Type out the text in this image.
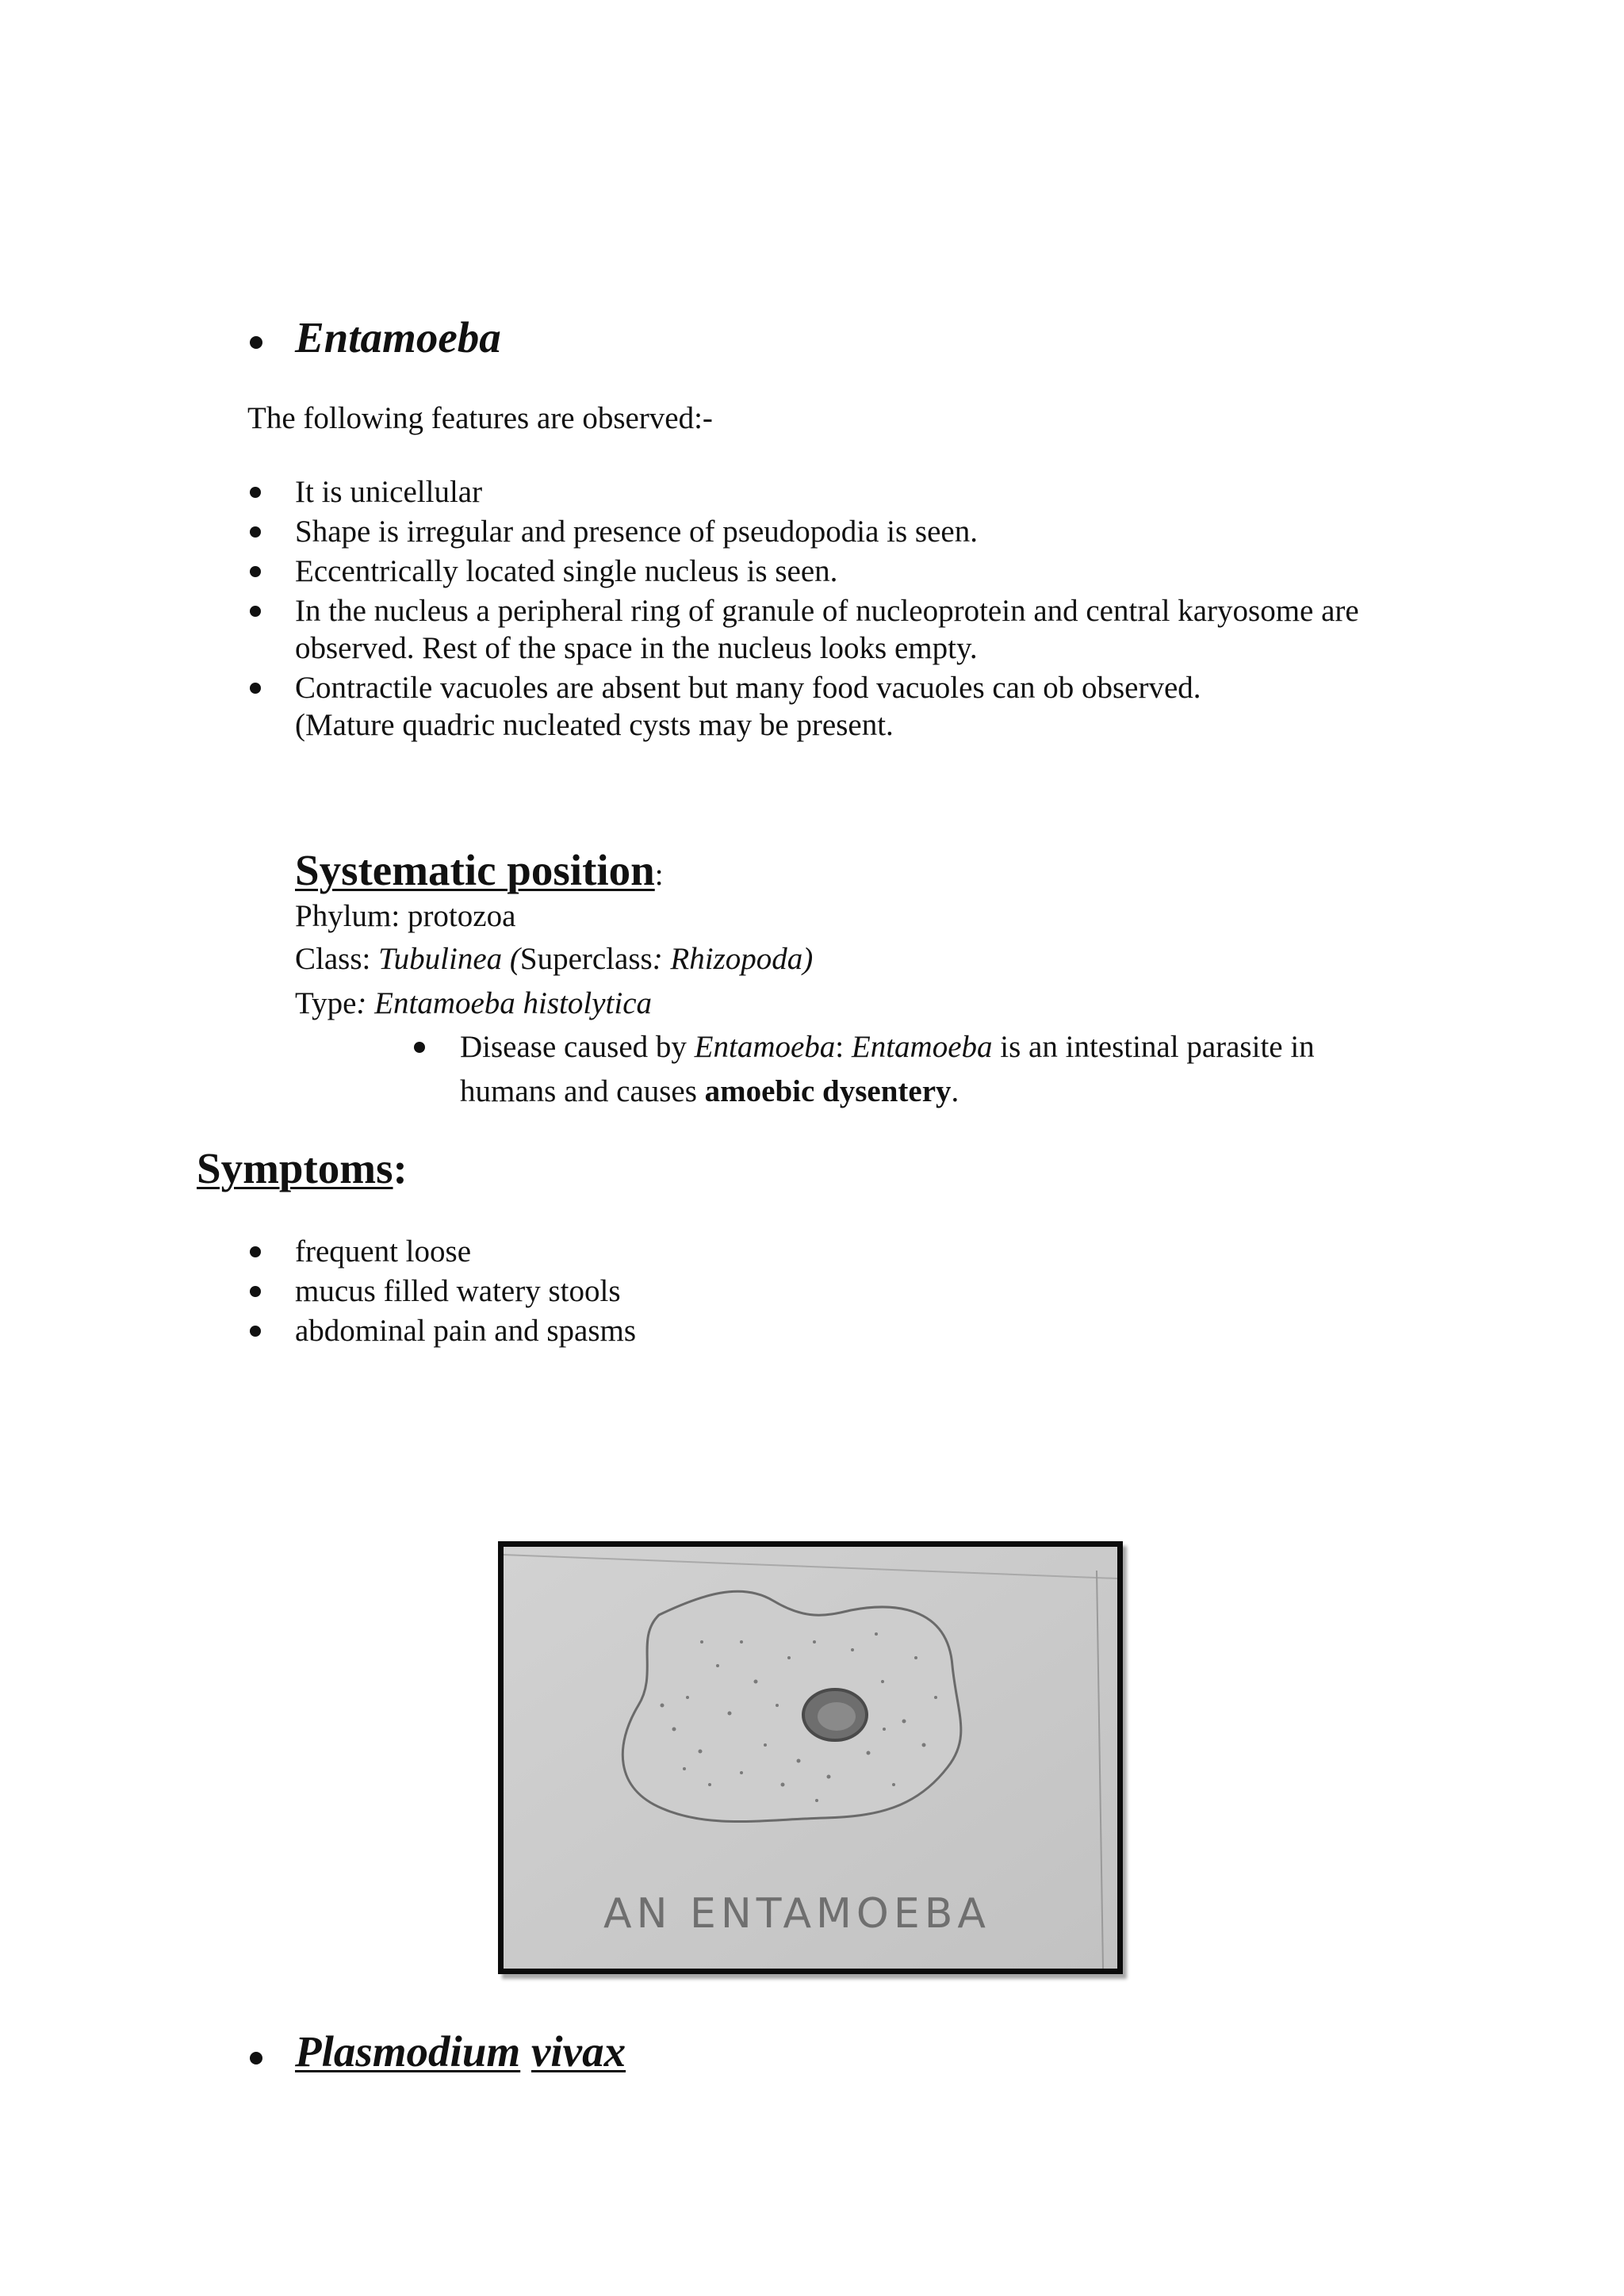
Entamoeba
The following features are observed:-
It is unicellular
Shape is irregular and presence of pseudopodia is seen.
Eccentrically located single nucleus is seen.
In the nucleus a peripheral ring of granule of nucleoprotein and central karyosome are
observed. Rest of the space in the nucleus looks empty.
Contractile vacuoles are absent but many food vacuoles can ob observed.
(Mature quadric nucleated cysts may be present.
Systematic position:
Phylum: protozoa
Class: Tubulinea (Superclass: Rhizopoda)
Type: Entamoeba histolytica
Disease caused by Entamoeba: Entamoeba is an intestinal parasite in
humans and causes amoebic dysentery.
Symptoms:
frequent loose
mucus filled watery stools
abdominal pain and spasms
AN ENTAMOEBA
Plasmodium vivax
